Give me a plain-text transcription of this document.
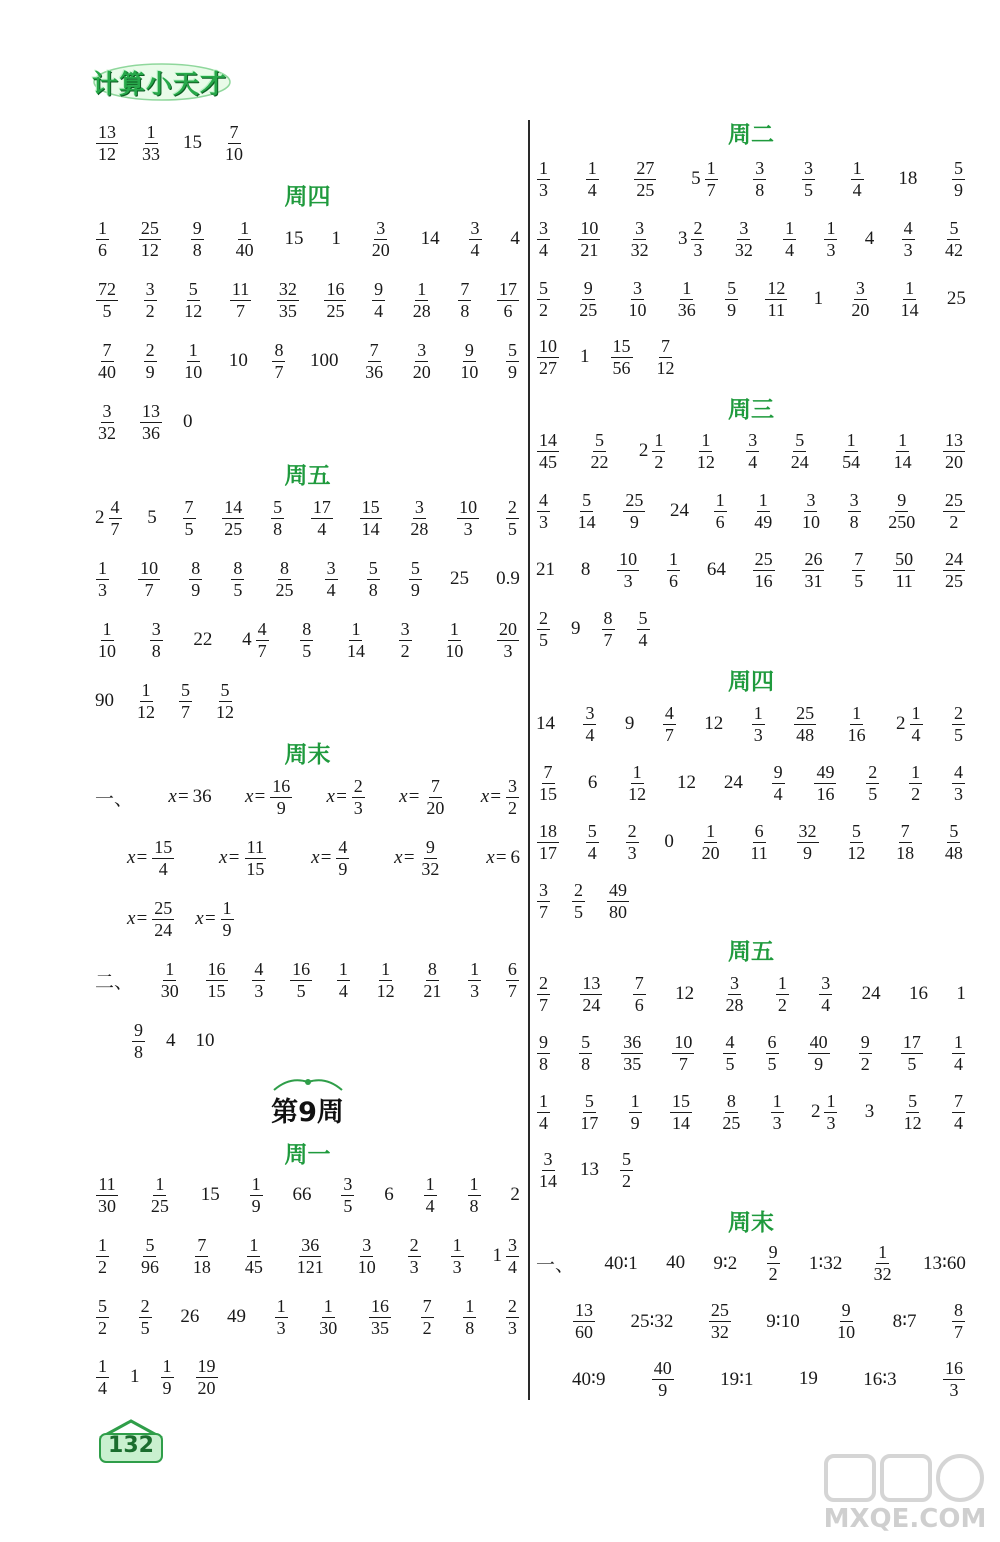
计算小天才
$\frac{13}{12} \frac{1}{33} 15 \frac{7}{10}$
周四
$\frac{1}{6} \frac{25}{12} \frac{9}{8} \frac{1}{40} 15$ $1 \frac{3}{20} 14 \frac{3}{4} 4$
$\frac{72}{5} \frac{3}{2} \frac{5}{12} \frac{11}{7} \frac{32}{35} \frac{16}{25} \frac{9}{4} \frac{1}{28} \frac{7}{8} \frac{17}{6}$
$\frac{7}{40} \frac{2}{9} \frac{1}{10} 10 \frac{8}{7} 100 \frac{7}{36} \frac{3}{20} \frac{9}{10} \frac{5}{9}$
$\frac{3}{32} \frac{13}{36} 0$
周五
$2 \frac{4}{7} 5 \frac{7}{5} \frac{14}{25} \frac{5}{8} \frac{17}{4} \frac{15}{14} \frac{3}{28} \frac{10}{3} \frac{2}{5}$
$\frac{1}{3} \frac{10}{7} \frac{8}{9} \frac{8}{5} \frac{8}{25} \frac{3}{4} \frac{5}{8} \frac{5}{9} 25$ 0.9
$\frac{1}{10} \frac{3}{8} 22$ $4 \frac{4}{7} \frac{8}{5} \frac{1}{14} \frac{3}{2} \frac{1}{10} \frac{20}{3}$
$90 \frac{1}{12} \frac{5}{7} \frac{5}{12}$
周末
一、 x= 36 $x= \frac{16}{9} x= \frac{2}{3} x= \frac{7}{20} x= \frac{3}{2}$
$x= \frac{15}{4} x= \frac{11}{15} x= \frac{4}{9} x= \frac{9}{32} x= 6$
$x= \frac{25}{24} x= \frac{1}{9}$
二、 $\frac{1}{30} \frac{16}{15} \frac{4}{3} \frac{16}{5} \frac{1}{4} \frac{1}{12} \frac{8}{21} \frac{1}{3} \frac{6}{7}$
$\frac{9}{8} 4$ 10
第9周
周一
$\frac{11}{30} \frac{1}{25} 15 \frac{1}{9} 66 \frac{3}{5} 6 \frac{1}{4} \frac{1}{8} 2$
$\frac{1}{2} \frac{5}{96} \frac{7}{18} \frac{1}{45} \frac{36}{121} \frac{3}{10} \frac{2}{3} \frac{1}{3} 1 \frac{3}{4}$
$\frac{5}{2} \frac{2}{5} 26$ $49 \frac{1}{3} \frac{1}{30} \frac{16}{35} \frac{7}{2} \frac{1}{8} \frac{2}{3}$
$\frac{1}{4} 1 \frac{1}{9} \frac{19}{20}$
周二
$\frac{1}{3} \frac{1}{4} \frac{27}{25} 5 \frac{1}{7} \frac{3}{8} \frac{3}{5} \frac{1}{4} 18 \frac{5}{9}$
$\frac{3}{4} \frac{10}{21} \frac{3}{32} 3 \frac{2}{3} \frac{3}{32} \frac{1}{4} \frac{1}{3} 4 \frac{4}{3} \frac{5}{42}$
$\frac{5}{2} \frac{9}{25} \frac{3}{10} \frac{1}{36} \frac{5}{9} \frac{12}{11} 1 \frac{3}{20} \frac{1}{14} 25$
$\frac{10}{27} 1 \frac{15}{56} \frac{7}{12}$
周三
$\frac{14}{45} \frac{5}{22} 2 \frac{1}{2} \frac{1}{12} \frac{3}{4} \frac{5}{24} \frac{1}{54} \frac{1}{14} \frac{13}{20}$
$\frac{4}{3} \frac{5}{14} \frac{25}{9} 24 \frac{1}{6} \frac{1}{49} \frac{3}{10} \frac{3}{8} \frac{9}{250} \frac{25}{2}$
21 $8 \frac{10}{3} \frac{1}{6} 64 \frac{25}{16} \frac{26}{31} \frac{7}{5} \frac{50}{11} \frac{24}{25}$
$\frac{2}{5} 9 \frac{8}{7} \frac{5}{4}$
周四
$14 \frac{3}{4} 9 \frac{4}{7} 12 \frac{1}{3} \frac{25}{48} \frac{1}{16} 2 \frac{1}{4} \frac{2}{5}$
$\frac{7}{15} 6 \frac{1}{12} 12$ $24 \frac{9}{4} \frac{49}{16} \frac{2}{5} \frac{1}{2} \frac{4}{3}$
$\frac{18}{17} \frac{5}{4} \frac{2}{3} 0 \frac{1}{20} \frac{6}{11} \frac{32}{9} \frac{5}{12} \frac{7}{18} \frac{5}{48}$
$\frac{3}{7} \frac{2}{5} \frac{49}{80}$
周五
$\frac{2}{7} \frac{13}{24} \frac{7}{6} 12 \frac{3}{28} \frac{1}{2} \frac{3}{4} 24$ 16 1
$\frac{9}{8} \frac{5}{8} \frac{36}{35} \frac{10}{7} \frac{4}{5} \frac{6}{5} \frac{40}{9} \frac{9}{2} \frac{17}{5} \frac{1}{4}$
$\frac{1}{4} \frac{5}{17} \frac{1}{9} \frac{15}{14} \frac{8}{25} \frac{1}{3} 2 \frac{1}{3} 3 \frac{5}{12} \frac{7}{4}$
$\frac{3}{14} 13 \frac{5}{2}$
周末
一、 40∶1 40 9∶2 $\frac{9}{2}$ 1∶32 $\frac{1}{32}$ 13∶60
$\frac{13}{60}$ 25∶32 $\frac{25}{32}$ 9∶10 $\frac{9}{10}$ 8∶7 $\frac{8}{7}$
40∶9	$\frac{40}{9}$ 19∶1 19 16∶3	$\frac{16}{3}$
132
MXQE.COM
